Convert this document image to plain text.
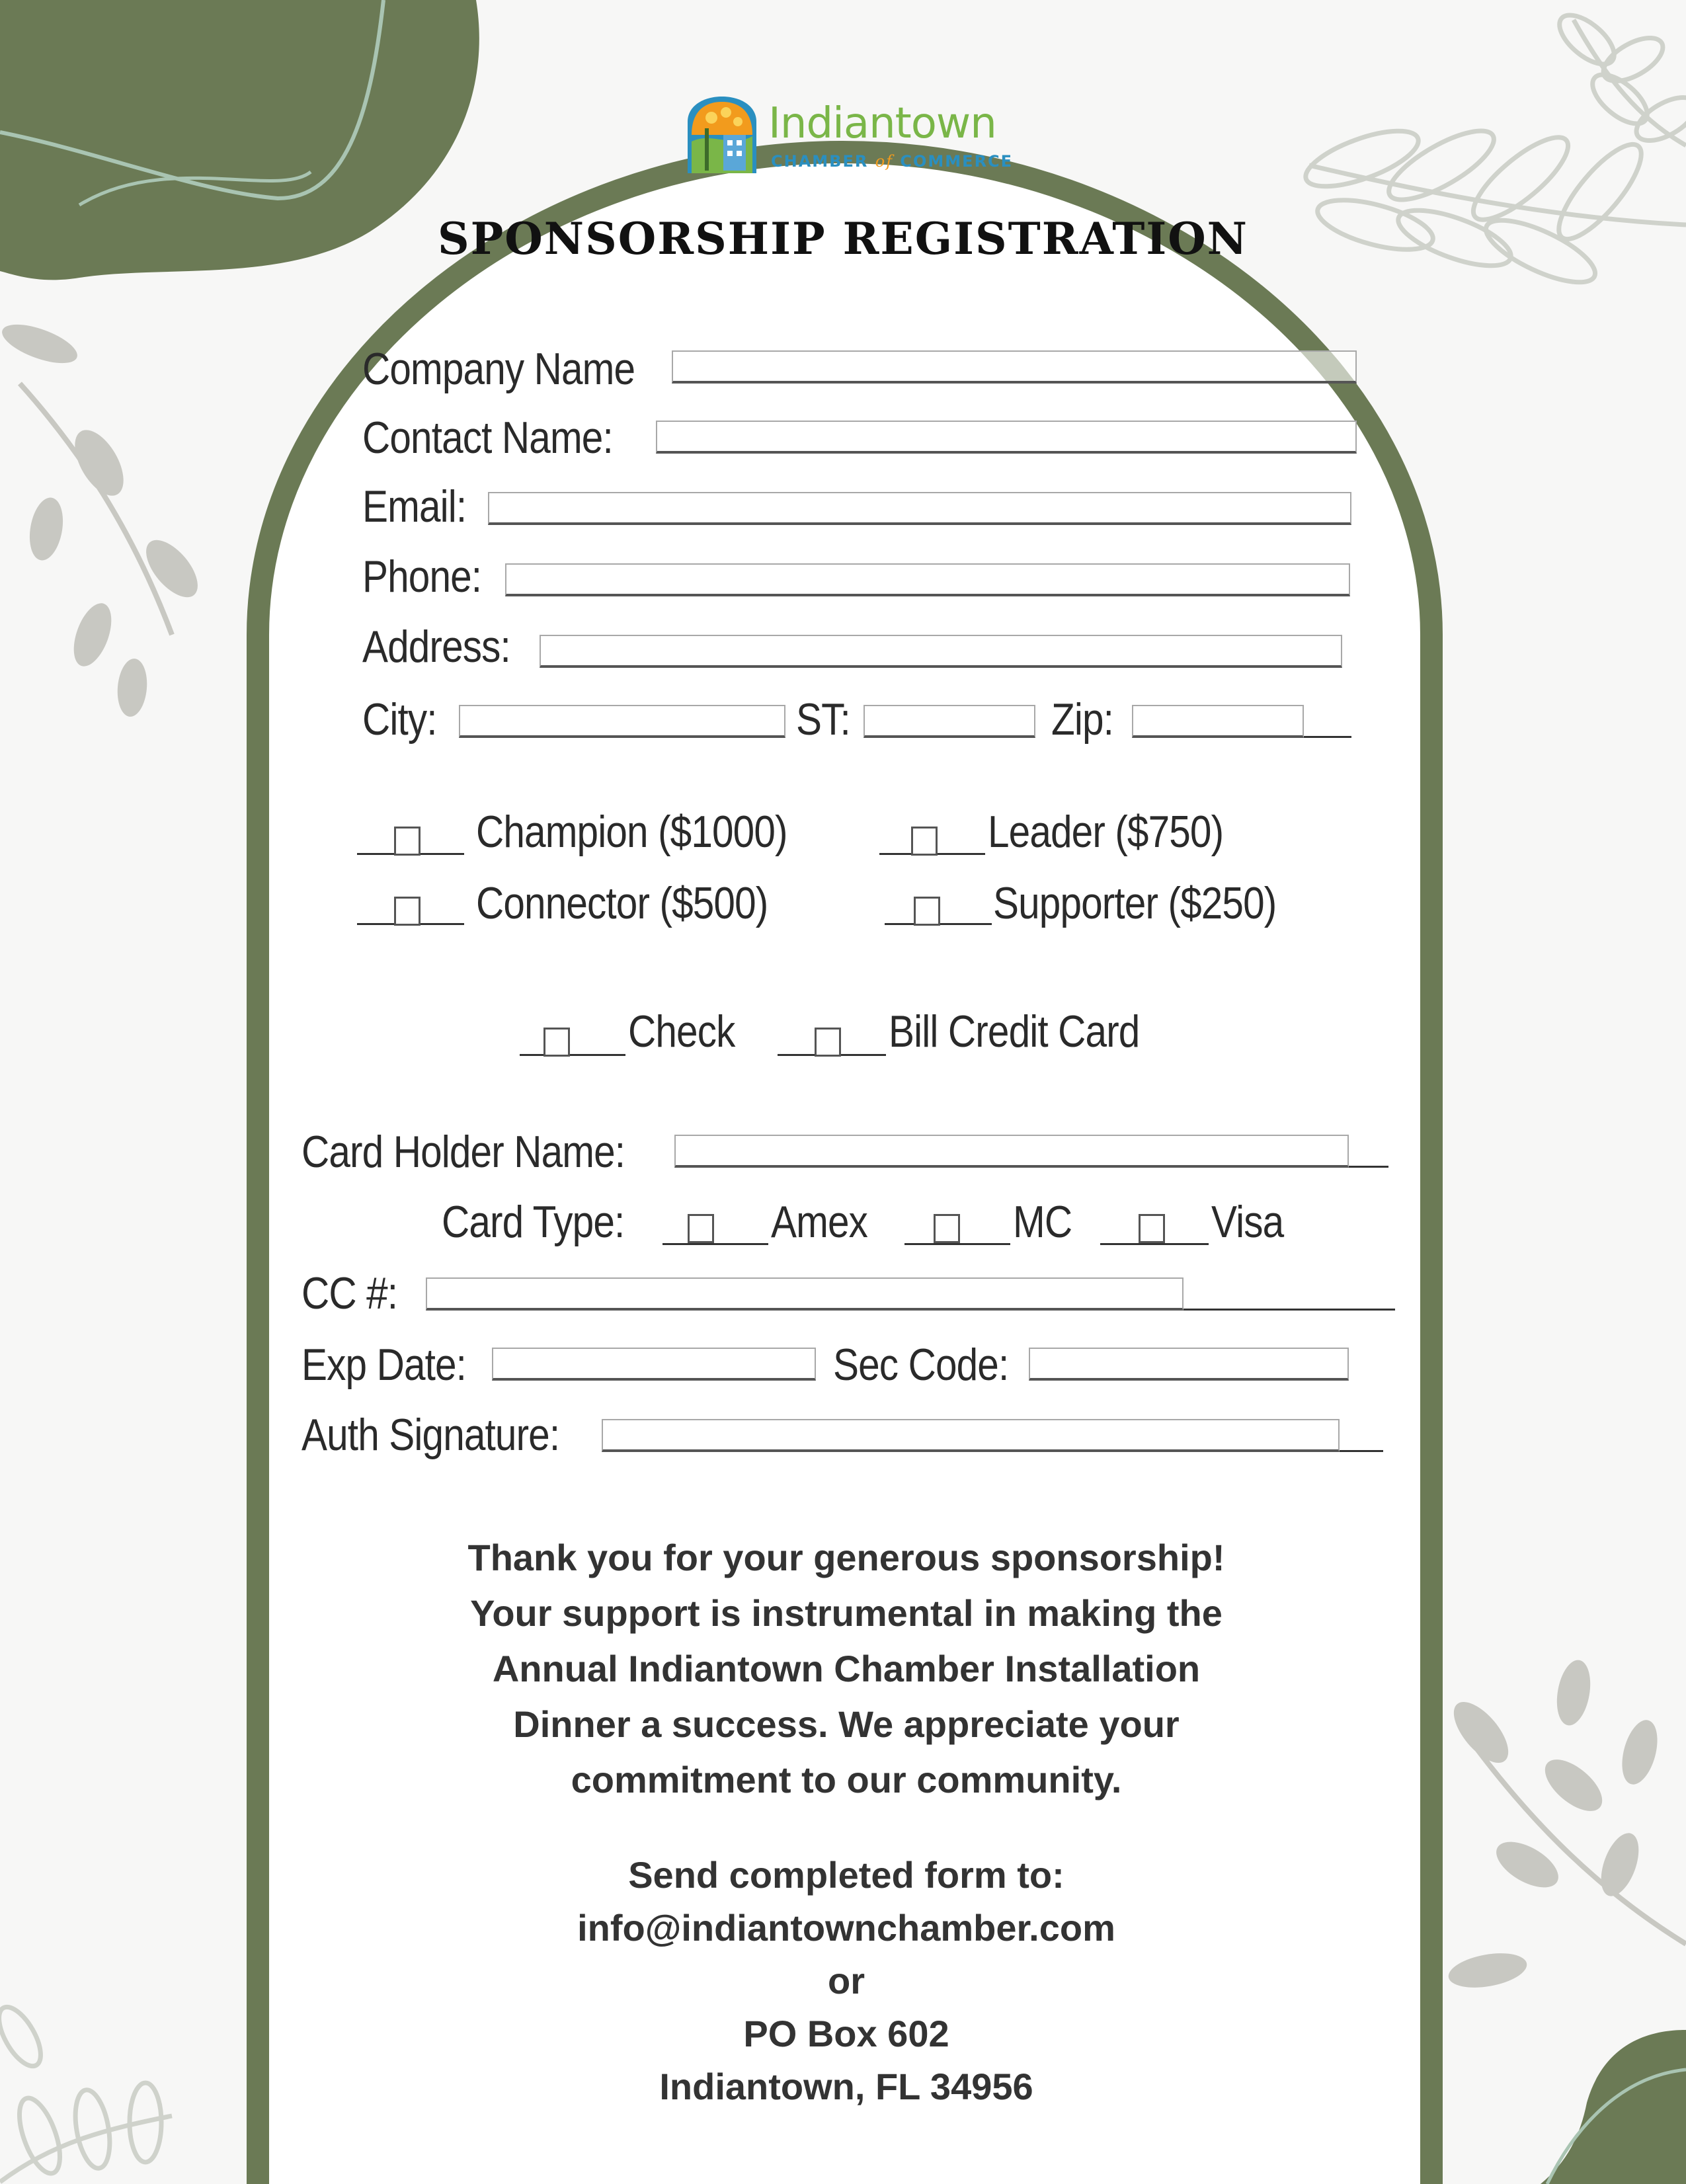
Indiantown
CHAMBER of COMMERCE
SPONSORSHIP REGISTRATION
Company Name
Contact Name:
Email:
Phone:
Address:
City:	ST:	Zip:
Champion ($1000)	Leader ($750)
Connector ($500)	Supporter ($250)
Check	Bill Credit Card
Card Holder Name:
Card Type:	Amex	MC	Visa
CC #:
Exp Date:	Sec Code:
Auth Signature:
Thank you for your generous sponsorship!
Your support is instrumental in making the
Annual Indiantown Chamber Installation
Dinner a success. We appreciate your
commitment to our community.
Send completed form to:
info@indiantownchamber.com
or
PO Box 602
Indiantown, FL 34956
